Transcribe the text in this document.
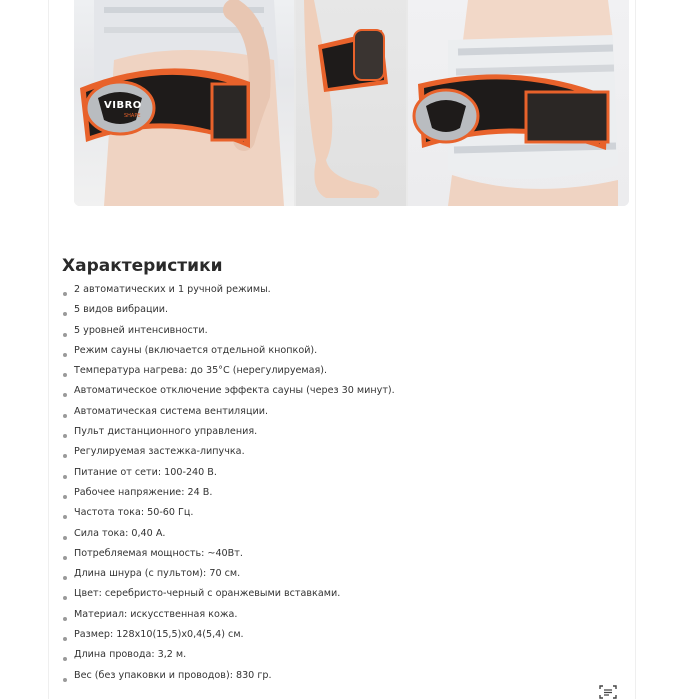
VIBRO
SHAPE
Характеристики
2 автоматических и 1 ручной режимы.
5 видов вибрации.
5 уровней интенсивности.
Режим сауны (включается отдельной кнопкой).
Температура нагрева: до 35°С (нерегулируемая).
Автоматическое отключение эффекта сауны (через 30 минут).
Автоматическая система вентиляции.
Пульт дистанционного управления.
Регулируемая застежка-липучка.
Питание от сети: 100-240 В.
Рабочее напряжение: 24 В.
Частота тока: 50-60 Гц.
Сила тока: 0,40 А.
Потребляемая мощность: ~40Вт.
Длина шнура (с пультом): 70 см.
Цвет: серебристо-черный с оранжевыми вставками.
Материал: искусственная кожа.
Размер: 128х10(15,5)х0,4(5,4) см.
Длина провода: 3,2 м.
Вес (без упаковки и проводов): 830 гр.
